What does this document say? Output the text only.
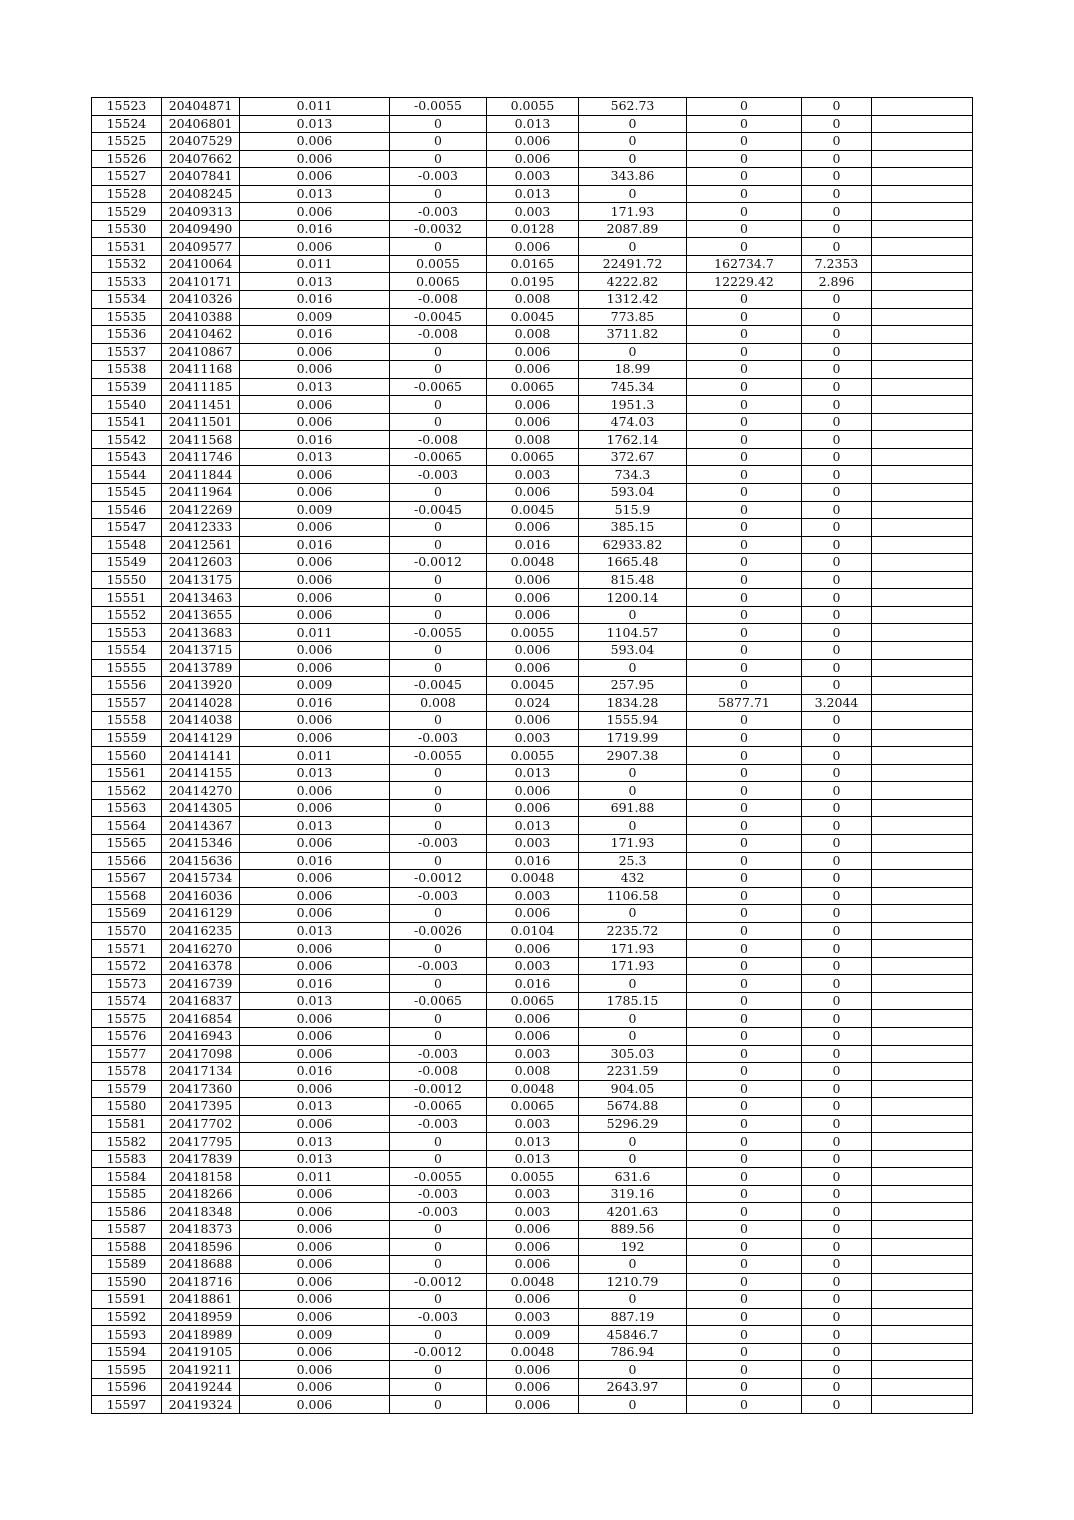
15523	20404871	0.011	-0.0055	0.0055	562.73	0	0	
15524	20406801	0.013	0	0.013	0	0	0	
15525	20407529	0.006	0	0.006	0	0	0	
15526	20407662	0.006	0	0.006	0	0	0	
15527	20407841	0.006	-0.003	0.003	343.86	0	0	
15528	20408245	0.013	0	0.013	0	0	0	
15529	20409313	0.006	-0.003	0.003	171.93	0	0	
15530	20409490	0.016	-0.0032	0.0128	2087.89	0	0	
15531	20409577	0.006	0	0.006	0	0	0	
15532	20410064	0.011	0.0055	0.0165	22491.72	162734.7	7.2353	
15533	20410171	0.013	0.0065	0.0195	4222.82	12229.42	2.896	
15534	20410326	0.016	-0.008	0.008	1312.42	0	0	
15535	20410388	0.009	-0.0045	0.0045	773.85	0	0	
15536	20410462	0.016	-0.008	0.008	3711.82	0	0	
15537	20410867	0.006	0	0.006	0	0	0	
15538	20411168	0.006	0	0.006	18.99	0	0	
15539	20411185	0.013	-0.0065	0.0065	745.34	0	0	
15540	20411451	0.006	0	0.006	1951.3	0	0	
15541	20411501	0.006	0	0.006	474.03	0	0	
15542	20411568	0.016	-0.008	0.008	1762.14	0	0	
15543	20411746	0.013	-0.0065	0.0065	372.67	0	0	
15544	20411844	0.006	-0.003	0.003	734.3	0	0	
15545	20411964	0.006	0	0.006	593.04	0	0	
15546	20412269	0.009	-0.0045	0.0045	515.9	0	0	
15547	20412333	0.006	0	0.006	385.15	0	0	
15548	20412561	0.016	0	0.016	62933.82	0	0	
15549	20412603	0.006	-0.0012	0.0048	1665.48	0	0	
15550	20413175	0.006	0	0.006	815.48	0	0	
15551	20413463	0.006	0	0.006	1200.14	0	0	
15552	20413655	0.006	0	0.006	0	0	0	
15553	20413683	0.011	-0.0055	0.0055	1104.57	0	0	
15554	20413715	0.006	0	0.006	593.04	0	0	
15555	20413789	0.006	0	0.006	0	0	0	
15556	20413920	0.009	-0.0045	0.0045	257.95	0	0	
15557	20414028	0.016	0.008	0.024	1834.28	5877.71	3.2044	
15558	20414038	0.006	0	0.006	1555.94	0	0	
15559	20414129	0.006	-0.003	0.003	1719.99	0	0	
15560	20414141	0.011	-0.0055	0.0055	2907.38	0	0	
15561	20414155	0.013	0	0.013	0	0	0	
15562	20414270	0.006	0	0.006	0	0	0	
15563	20414305	0.006	0	0.006	691.88	0	0	
15564	20414367	0.013	0	0.013	0	0	0	
15565	20415346	0.006	-0.003	0.003	171.93	0	0	
15566	20415636	0.016	0	0.016	25.3	0	0	
15567	20415734	0.006	-0.0012	0.0048	432	0	0	
15568	20416036	0.006	-0.003	0.003	1106.58	0	0	
15569	20416129	0.006	0	0.006	0	0	0	
15570	20416235	0.013	-0.0026	0.0104	2235.72	0	0	
15571	20416270	0.006	0	0.006	171.93	0	0	
15572	20416378	0.006	-0.003	0.003	171.93	0	0	
15573	20416739	0.016	0	0.016	0	0	0	
15574	20416837	0.013	-0.0065	0.0065	1785.15	0	0	
15575	20416854	0.006	0	0.006	0	0	0	
15576	20416943	0.006	0	0.006	0	0	0	
15577	20417098	0.006	-0.003	0.003	305.03	0	0	
15578	20417134	0.016	-0.008	0.008	2231.59	0	0	
15579	20417360	0.006	-0.0012	0.0048	904.05	0	0	
15580	20417395	0.013	-0.0065	0.0065	5674.88	0	0	
15581	20417702	0.006	-0.003	0.003	5296.29	0	0	
15582	20417795	0.013	0	0.013	0	0	0	
15583	20417839	0.013	0	0.013	0	0	0	
15584	20418158	0.011	-0.0055	0.0055	631.6	0	0	
15585	20418266	0.006	-0.003	0.003	319.16	0	0	
15586	20418348	0.006	-0.003	0.003	4201.63	0	0	
15587	20418373	0.006	0	0.006	889.56	0	0	
15588	20418596	0.006	0	0.006	192	0	0	
15589	20418688	0.006	0	0.006	0	0	0	
15590	20418716	0.006	-0.0012	0.0048	1210.79	0	0	
15591	20418861	0.006	0	0.006	0	0	0	
15592	20418959	0.006	-0.003	0.003	887.19	0	0	
15593	20418989	0.009	0	0.009	45846.7	0	0	
15594	20419105	0.006	-0.0012	0.0048	786.94	0	0	
15595	20419211	0.006	0	0.006	0	0	0	
15596	20419244	0.006	0	0.006	2643.97	0	0	
15597	20419324	0.006	0	0.006	0	0	0	
